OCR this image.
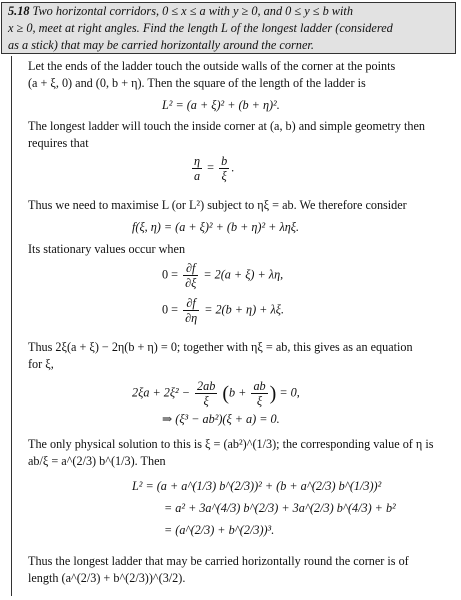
5.18 Two horizontal corridors, 0 ≤ x ≤ a with y ≥ 0, and 0 ≤ y ≤ b with
x ≥ 0, meet at right angles. Find the length L of the longest ladder (considered
as a stick) that may be carried horizontally around the corner.
Let the ends of the ladder touch the outside walls of the corner at the points
(a + ξ, 0) and (0, b + η). Then the square of the length of the ladder is
L² = (a + ξ)² + (b + η)².
The longest ladder will touch the inside corner at (a, b) and simple geometry then
requires that
$\frac{\eta}{a} = \frac{b}{\xi}$ .
Thus we need to maximise L (or L²) subject to ηξ = ab. We therefore consider
f(ξ, η) = (a + ξ)² + (b + η)² + ληξ.
Its stationary values occur when
$0 = \frac{\partial f}{\partial\xi} = 2(a + \xi) + \lambda\eta$,
$0 = \frac{\partial f}{\partial\eta} = 2(b + \eta) + \lambda\xi$.
Thus 2ξ(a + ξ) − 2η(b + η) = 0; together with ηξ = ab, this gives as an equation
for ξ,
$2\xi a + 2\xi^2 - \frac{2ab}{\xi} (b + \frac{ab}{\xi}$ ) = 0,
⇒ (ξ³ − ab²)(ξ + a) = 0.
The only physical solution to this is ξ = (ab²)^(1/3); the corresponding value of η is
ab/ξ = a^(2/3) b^(1/3). Then
L² = (a + a^(1/3) b^(2/3))² + (b + a^(2/3) b^(1/3))²
= a² + 3a^(4/3) b^(2/3) + 3a^(2/3) b^(4/3) + b²
= (a^(2/3) + b^(2/3))³.
Thus the longest ladder that may be carried horizontally round the corner is of
length (a^(2/3) + b^(2/3))^(3/2).
